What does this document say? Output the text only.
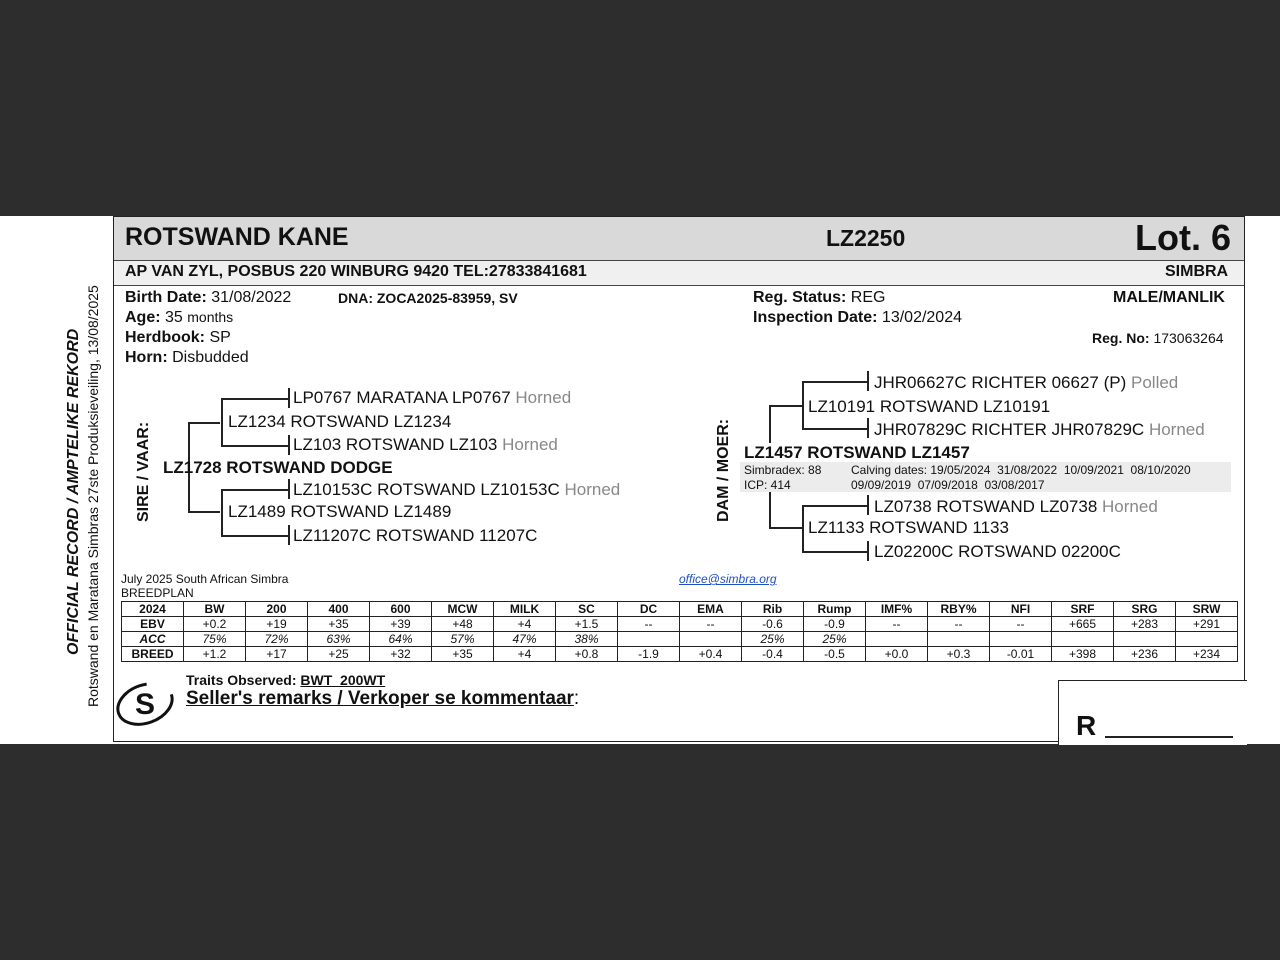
OFFICIAL RECORD / AMPTELIKE REKORD Rotswand en Maratana Simbras 27ste Produksieveiling, 13/08/2025
ROTSWAND KANE	LZ2250	Lot. 6
AP VAN ZYL, POSBUS 220 WINBURG 9420 TEL:27833841681	SIMBRA
Birth Date: 31/08/2022	DNA: ZOCA2025-83959, SV
Age: 35 months
Herdbook: SP
Horn: Disbudded
Reg. Status: REG
Inspection Date: 13/02/2024
MALE/MANLIK
Reg. No: 173063264
SIRE / VAAR:
LP0767 MARATANA LP0767 Horned
LZ1234 ROTSWAND LZ1234
LZ103 ROTSWAND LZ103 Horned
LZ1728 ROTSWAND DODGE
LZ10153C ROTSWAND LZ10153C Horned
LZ1489 ROTSWAND LZ1489
LZ11207C ROTSWAND 11207C
DAM / MOER:
JHR06627C RICHTER 06627 (P) Polled
LZ10191 ROTSWAND LZ10191
JHR07829C RICHTER JHR07829C Horned
LZ1457 ROTSWAND LZ1457
Simbradex: 88
ICP: 414
Calving dates: 19/05/2024  31/08/2022  10/09/2021  08/10/2020
09/09/2019  07/09/2018  03/08/2017
LZ0738 ROTSWAND LZ0738 Horned
LZ1133 ROTSWAND 1133
LZ02200C ROTSWAND 02200C
July 2025 South African Simbra
BREEDPLAN
office@simbra.org
2024	BW	200	400	600	MCW	MILK	SC	DC	EMA	Rib	Rump	IMF%	RBY%	NFI	SRF	SRG	SRW
EBV	+0.2	+19	+35	+39	+48	+4	+1.5	--	--	-0.6	-0.9	--	--	--	+665	+283	+291
ACC	75%	72%	63%	64%	57%	47%	38%			25%	25%						
BREED	+1.2	+17	+25	+32	+35	+4	+0.8	-1.9	+0.4	-0.4	-0.5	+0.0	+0.3	-0.01	+398	+236	+234
S
Traits Observed: BWT  200WT
Seller's remarks / Verkoper se kommentaar:
R
